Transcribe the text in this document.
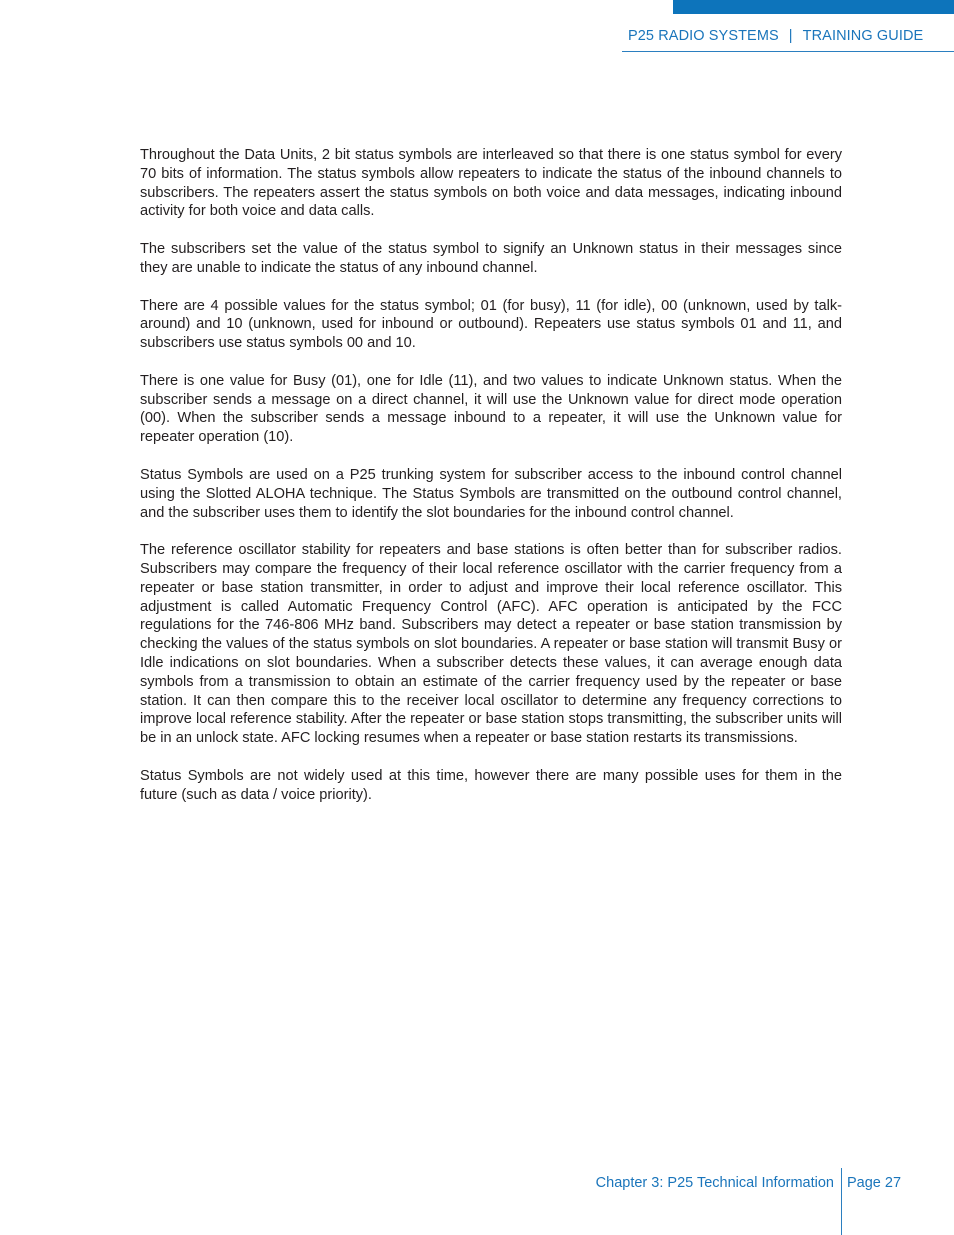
P25 RADIO SYSTEMS | TRAINING GUIDE

Throughout the Data Units, 2 bit status symbols are interleaved so that there is one status symbol for every 70 bits of information. The status symbols allow repeaters to indicate the status of the inbound channels to subscribers. The repeaters assert the status symbols on both voice and data messages, indicating inbound activity for both voice and data calls.

The subscribers set the value of the status symbol to signify an Unknown status in their messages since they are unable to indicate the status of any inbound channel.

There are 4 possible values for the status symbol; 01 (for busy), 11 (for idle), 00 (unknown, used by talk-around) and 10 (unknown, used for inbound or outbound). Repeaters use status symbols 01 and 11, and subscribers use status symbols 00 and 10.

There is one value for Busy (01), one for Idle (11), and two values to indicate Unknown status. When the subscriber sends a message on a direct channel, it will use the Unknown value for direct mode operation (00). When the subscriber sends a message inbound to a repeater, it will use the Unknown value for repeater operation (10).

Status Symbols are used on a P25 trunking system for subscriber access to the inbound control channel using the Slotted ALOHA technique. The Status Symbols are transmitted on the outbound control channel, and the subscriber uses them to identify the slot boundaries for the inbound control channel.

The reference oscillator stability for repeaters and base stations is often better than for subscriber radios. Subscribers may compare the frequency of their local reference oscillator with the carrier frequency from a repeater or base station transmitter, in order to adjust and improve their local reference oscillator. This adjustment is called Automatic Frequency Control (AFC). AFC operation is anticipated by the FCC regulations for the 746-806 MHz band. Subscribers may detect a repeater or base station transmission by checking the values of the status symbols on slot boundaries. A repeater or base station will transmit Busy or Idle indications on slot boundaries. When a subscriber detects these values, it can average enough data symbols from a transmission to obtain an estimate of the carrier frequency used by the repeater or base station. It can then compare this to the receiver local oscillator to determine any frequency corrections to improve local reference stability. After the repeater or base station stops transmitting, the subscriber units will be in an unlock state. AFC locking resumes when a repeater or base station restarts its transmissions.

Status Symbols are not widely used at this time, however there are many possible uses for them in the future (such as data / voice priority).

Chapter 3: P25 Technical Information Page 27
